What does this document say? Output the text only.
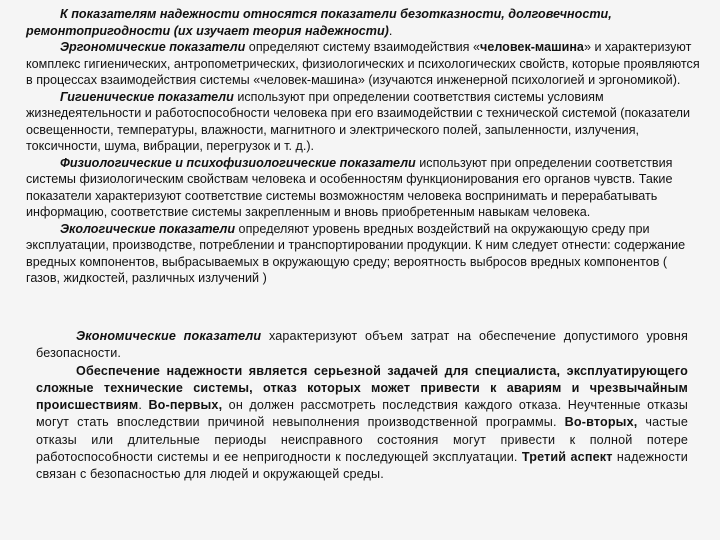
К показателям надежности относятся показатели безотказности, долговечности, ремонтопригодности (их изучает теория надежности).

Эргономические показатели определяют систему взаимодействия «человек-машина» и характеризуют комплекс гигиенических, антропометрических, физиологических и психологических свойств, которые проявляются в процессах взаимодействия системы «человек-машина» (изучаются инженерной психологией и эргономикой).

Гигиенические показатели используют при определении соответствия системы условиям жизнедеятельности и работоспособности человека при его взаимодействии с технической системой (показатели освещенности, температуры, влажности, магнитного и электрического полей, запыленности, излучения, токсичности, шума, вибрации, перегрузок и т. д.).

Физиологические и психофизиологические показатели используют при определении соответствия системы физиологическим свойствам человека и особенностям функционирования его органов чувств. Такие показатели характеризуют соответствие системы возможностям человека воспринимать и перерабатывать информацию, соответствие системы закрепленным и вновь приобретенным навыкам человека.

Экологические показатели определяют уровень вредных воздействий на окружающую среду при эксплуатации, производстве, потреблении и транспортировании продукции. К ним следует отнести: содержание вредных компонентов, выбрасываемых в окружающую среду; вероятность выбросов вредных компонентов ( газов, жидкостей, различных излучений )

Экономические показатели характеризуют объем затрат на обеспечение допустимого уровня безопасности.

Обеспечение надежности является серьезной задачей для специалиста, эксплуатирующего сложные технические системы, отказ которых может привести к авариям и чрезвычайным происшествиям. Во-первых, он должен рассмотреть последствия каждого отказа. Неучтенные отказы могут стать впоследствии причиной невыполнения производственной программы. Во-вторых, частые отказы или длительные периоды неисправного состояния могут привести к полной потере работоспособности системы и ее непригодности к последующей эксплуатации. Третий аспект надежности связан с безопасностью для людей и окружающей среды.
